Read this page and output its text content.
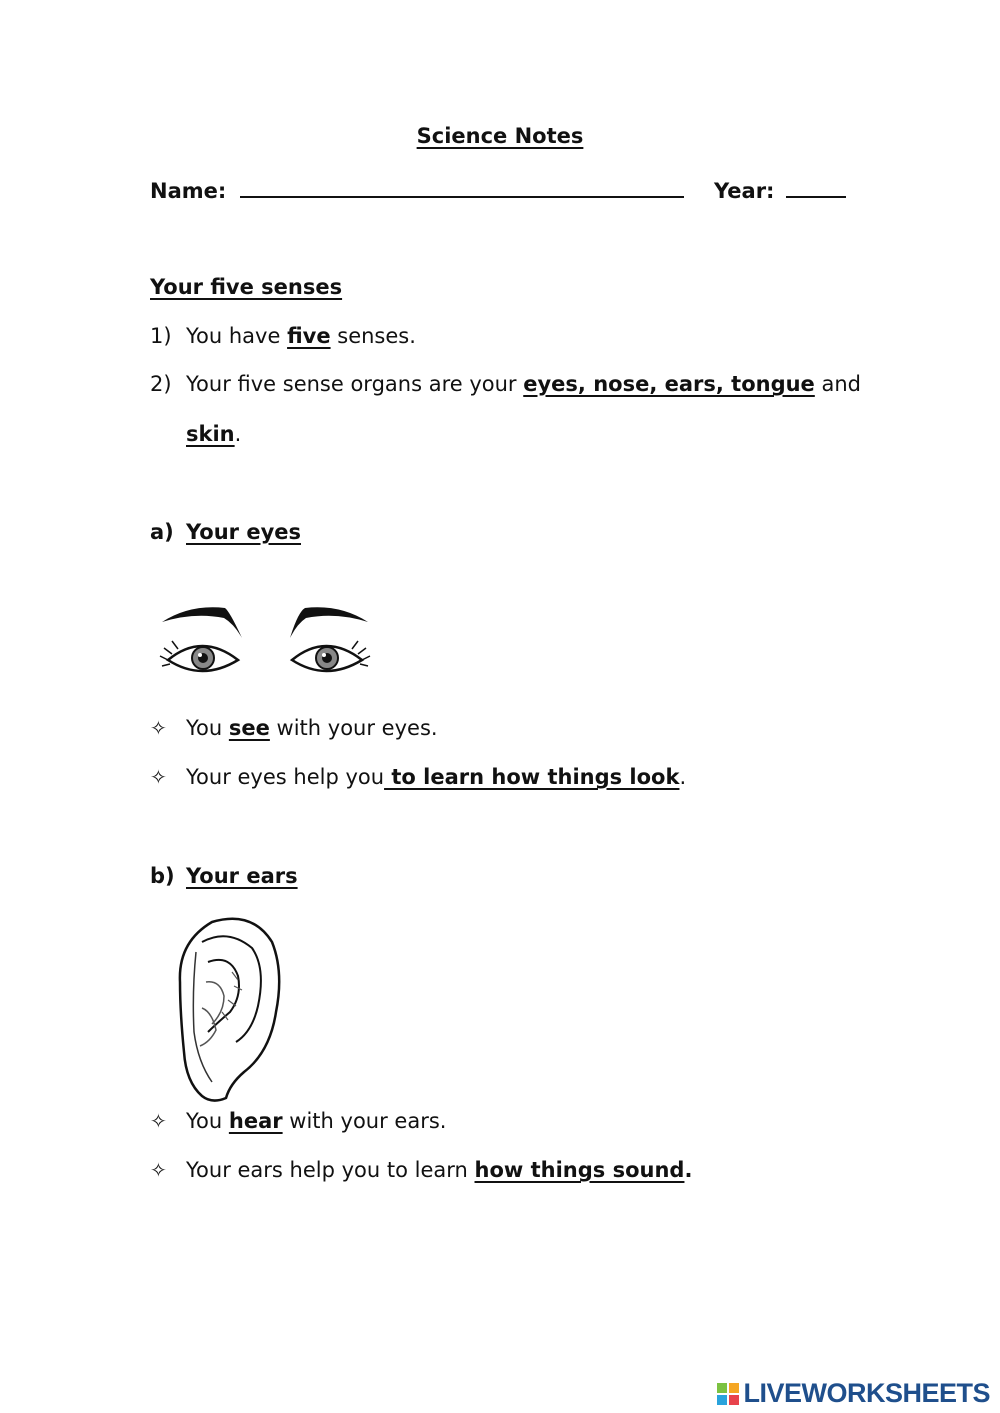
Science Notes
Name:	Year:
Your five senses
1) You have five senses.
2) Your five sense organs are your eyes, nose, ears, tongue and
skin.
a) Your eyes
✧ You see with your eyes.
✧ Your eyes help you to learn how things look.
b) Your ears
✧ You hear with your ears.
✧ Your ears help you to learn how things sound.
LIVEWORKSHEETS
